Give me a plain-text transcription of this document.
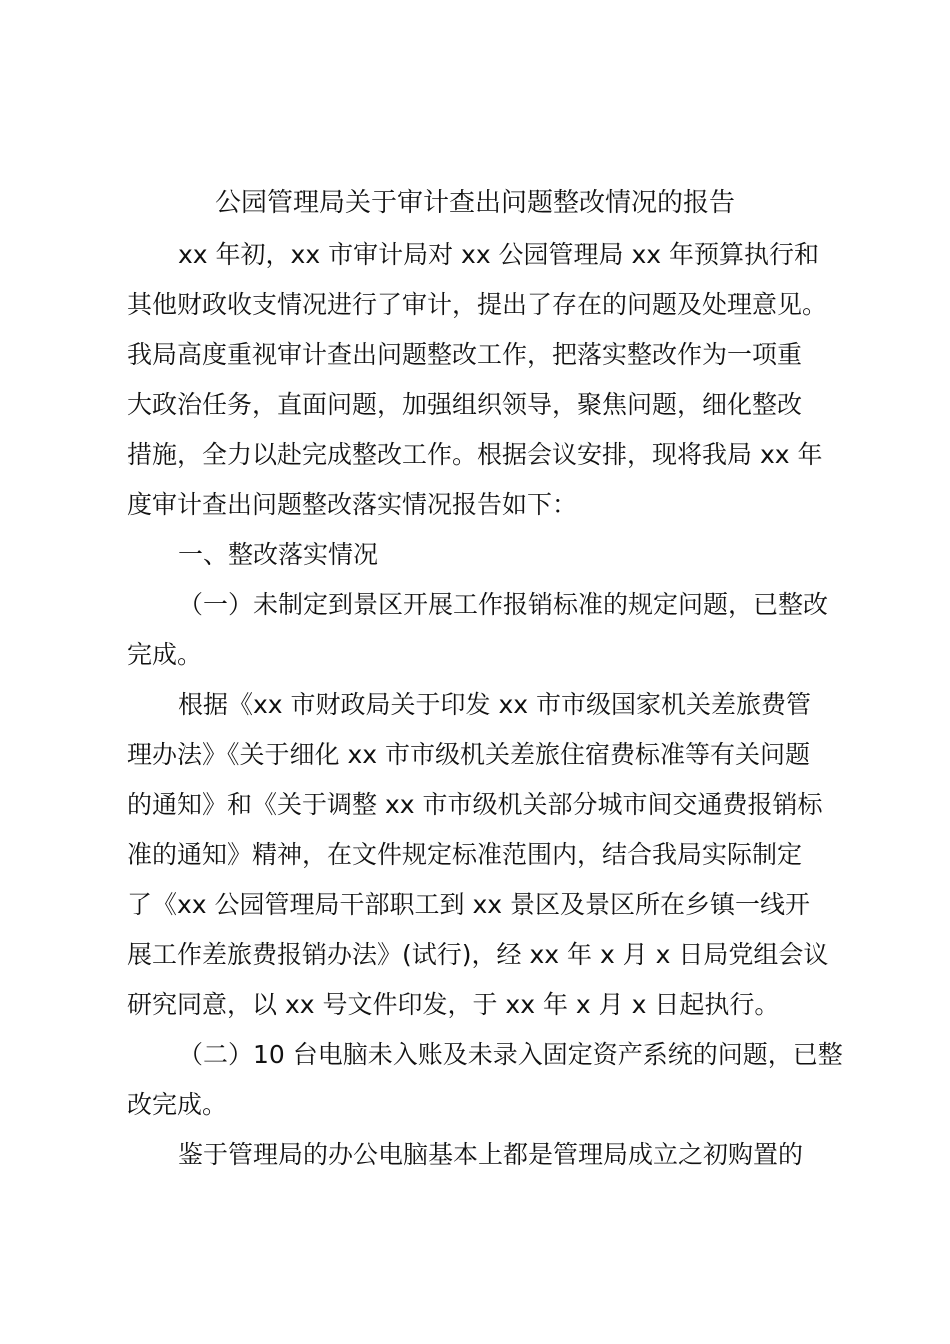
公园管理局关于审计查出问题整改情况的报告
xx 年初，xx 市审计局对 xx 公园管理局 xx 年预算执行和
其他财政收支情况进行了审计，提出了存在的问题及处理意见。
我局高度重视审计查出问题整改工作，把落实整改作为一项重
大政治任务，直面问题，加强组织领导，聚焦问题，细化整改
措施，全力以赴完成整改工作。根据会议安排，现将我局 xx 年
度审计查出问题整改落实情况报告如下：
一、整改落实情况
（一）未制定到景区开展工作报销标准的规定问题，已整改
完成。
根据《xx 市财政局关于印发 xx 市市级国家机关差旅费管
理办法》《关于细化 xx 市市级机关差旅住宿费标准等有关问题
的通知》和《关于调整 xx 市市级机关部分城市间交通费报销标
准的通知》精神，在文件规定标准范围内，结合我局实际制定
了《xx 公园管理局干部职工到 xx 景区及景区所在乡镇一线开
展工作差旅费报销办法》(试行)，经 xx 年 x 月 x 日局党组会议
研究同意，以 xx 号文件印发，于 xx 年 x 月 x 日起执行。
（二）10 台电脑未入账及未录入固定资产系统的问题，已整
改完成。
鉴于管理局的办公电脑基本上都是管理局成立之初购置的
